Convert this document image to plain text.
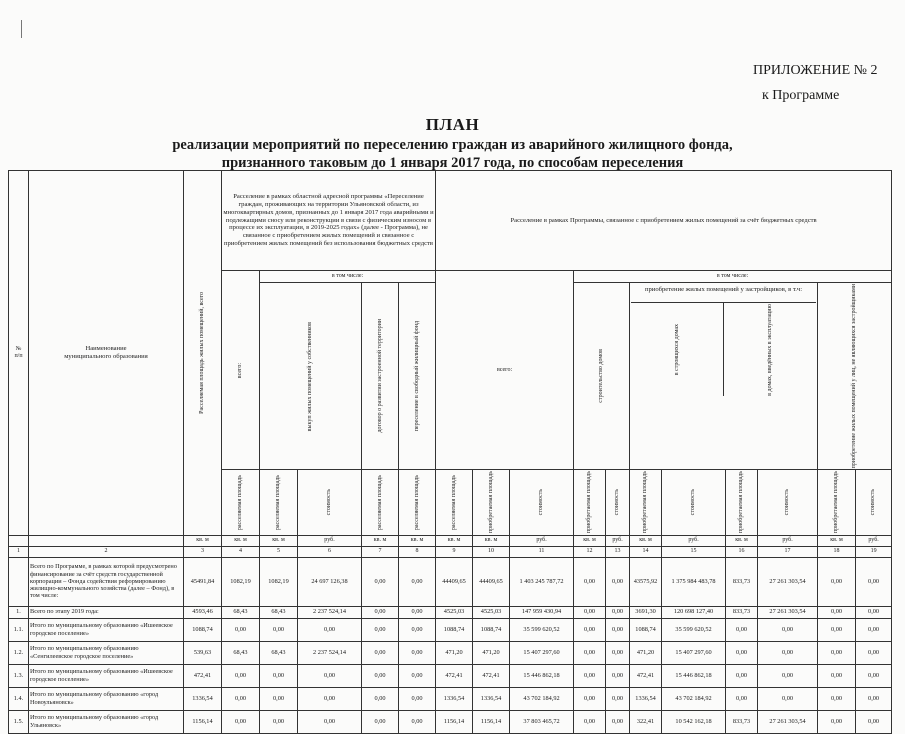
ПРИЛОЖЕНИЕ № 2
к Программе
ПЛАН
реализации мероприятий по переселению граждан из аварийного жилищного фонда,
признанного таковым до 1 января 2017 года, по способам переселения
№
п/п	Наименование
муниципального образования	Расселяемая площадь жилых помещений, всего
	Расселение в рамках областной адресной программы «Переселение граждан, проживающих на территории Ульяновской области, из многоквартирных домов, признанных до 1 января 2017 года аварийными и подлежащими сносу или реконструкции в связи с физическим износом в процессе их эксплуатации, в 2019-2025 годах» (далее - Программа), не связанное с приобретением жилых помещений и связанное с приобретением жилых помещений без использования бюджетных средств	Расселение в рамках Программы, связанное с приобретением жилых помещений за счёт бюджетных средств

всего:
	в том числе:	всего:	в том числе:

выкуп жилых помещений у собственников	договор о развитии застроенной территории	переселение в свободный жилищный фонд	строительство домов

приобретение жилых помещений у застройщиков, в т.ч:
в строящихся домах	в домах, введённых в эксплуатацию
		приобретение жилых помещений у лиц, не являющихся застройщиками

расселяемая площадь	расселяемая площадь	стоимость	расселяемая площадь	расселяемая площадь	расселяемая площадь	приобретаемая площадь	стоимость	приобретаемая площадь	стоимость	приобретаемая площадь	стоимость	приобретаемая площадь	стоимость	приобретаемая площадь	стоимость

		кв. м	кв. м	кв. м	руб.	кв. м	кв. м	кв. м	кв. м	руб.	кв. м	руб.	кв. м	руб.	кв. м	руб.	кв. м	руб.
1	2	3	4	5	6	7	8	9	10	11	12	13	14	15	16	17	18	19
	Всего по Программе, в рамках которой предусмотрено финансирование за счёт средств государственной корпорации – Фонда содействия реформированию жилищно-коммунального хозяйства (далее – Фонд), в том числе:	45491,84	1082,19	1082,19	24 697 126,38	0,00	0,00	44409,65	44409,65	1 403 245 787,72	0,00	0,00	43575,92	1 375 984 483,78	833,73	27 261 303,54	0,00	0,00
1.	Всего по этапу 2019 года:	4593,46	68,43	68,43	2 237 524,14	0,00	0,00	4525,03	4525,03	147 959 430,94	0,00	0,00	3691,30	120 698 127,40	833,73	27 261 303,54	0,00	0,00
1.1.	Итого по муниципальному образованию «Ишеевское городское поселение»	1088,74	0,00	0,00	0,00	0,00	0,00	1088,74	1088,74	35 599 620,52	0,00	0,00	1088,74	35 599 620,52	0,00	0,00	0,00	0,00
1.2.	Итого по муниципальному образованию «Сенгилеевское городское поселение»	539,63	68,43	68,43	2 237 524,14	0,00	0,00	471,20	471,20	15 407 297,60	0,00	0,00	471,20	15 407 297,60	0,00	0,00	0,00	0,00
1.3.	Итого по муниципальному образованию «Ишеевское городское поселение»	472,41	0,00	0,00	0,00	0,00	0,00	472,41	472,41	15 446 862,18	0,00	0,00	472,41	15 446 862,18	0,00	0,00	0,00	0,00
1.4.	Итого по муниципальному образованию «город Новоульяновск»	1336,54	0,00	0,00	0,00	0,00	0,00	1336,54	1336,54	43 702 184,92	0,00	0,00	1336,54	43 702 184,92	0,00	0,00	0,00	0,00
1.5.	Итого по муниципальному образованию «город Ульяновск»	1156,14	0,00	0,00	0,00	0,00	0,00	1156,14	1156,14	37 803 465,72	0,00	0,00	322,41	10 542 162,18	833,73	27 261 303,54	0,00	0,00
